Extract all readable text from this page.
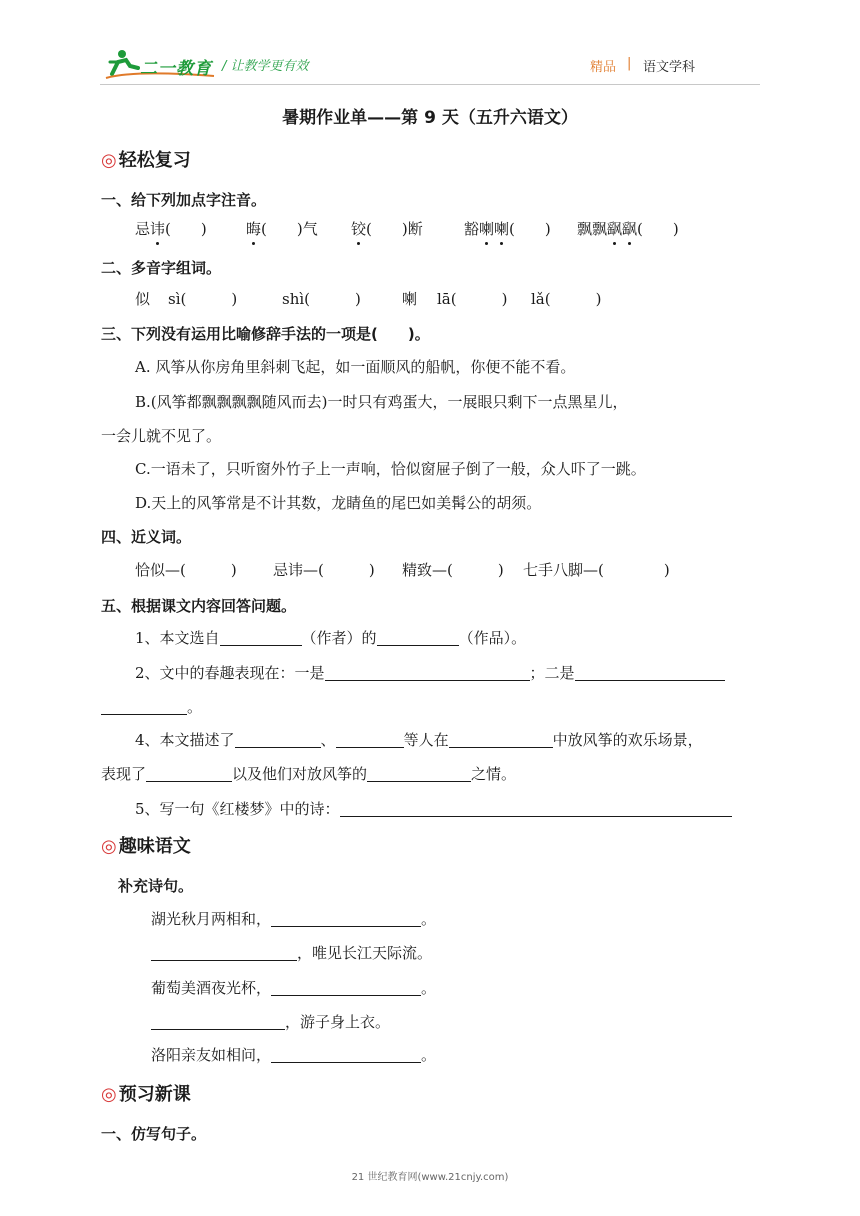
二一教育 / 让教学更有效	精品 | 语文学科
暑期作业单——第 9 天（五升六语文）
◎ 轻松复习
一、给下列加点字注音。
忌讳(　　)	晦(　　)气 铰(　　)断	豁喇喇(　　) 飘飘飖飖(　　)
二、多音字组词。
似 sì(　　　)	shì(　　　)	喇 lā(　　　) lǎ(　　　)
三、下列没有运用比喻修辞手法的一项是(　　)。
A. 风筝从你房角里斜刺飞起，如一面顺风的船帆，你便不能不看。
B.(风筝都飘飘飘飘随风而去)一时只有鸡蛋大，一展眼只剩下一点黑星儿，
一会儿就不见了。
C.一语未了，只听窗外竹子上一声响，恰似窗屉子倒了一般，众人吓了一跳。
D.天上的风筝常是不计其数，龙睛鱼的尾巴如美髯公的胡须。
四、近义词。
恰似—(　　　) 忌讳—(　　　) 精致—(　　　) 七手八脚—(　　　　)
五、根据课文内容回答问题。
1、本文选自	（作者）的	（作品）。
2、文中的春趣表现在：一是	；二是
。
4、本文描述了	、	等人在	中放风筝的欢乐场景，
表现了	以及他们对放风筝的	之情。
5、写一句《红楼梦》中的诗：
◎ 趣味语文
补充诗句。
湖光秋月两相和，	。
，唯见长江天际流。
葡萄美酒夜光杯，	。
，游子身上衣。
洛阳亲友如相问，	。
◎ 预习新课
一、仿写句子。
21 世纪教育网(www.21cnjy.com)
